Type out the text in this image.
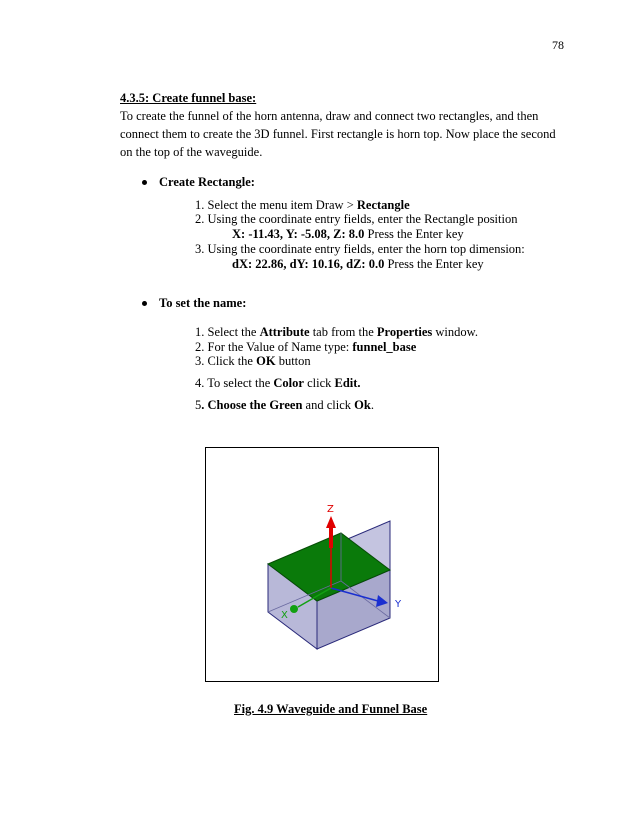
78
4.3.5: Create funnel base:
To create the funnel of the horn antenna, draw and connect two rectangles, and then
connect them to create the 3D funnel. First rectangle is horn top. Now place the second
on the top of the waveguide.
Create Rectangle:
1. Select the menu item Draw > Rectangle
2. Using the coordinate entry fields, enter the Rectangle position
X: -11.43, Y: -5.08, Z: 8.0 Press the Enter key
3. Using the coordinate entry fields, enter the horn top dimension:
dX: 22.86, dY: 10.16, dZ: 0.0 Press the Enter key
To set the name:
1. Select the Attribute tab from the Properties window.
2. For the Value of Name type: funnel_base
3. Click the OK button
4. To select the Color click Edit.
5. Choose the Green and click Ok.
Y
Z
X
Fig. 4.9 Waveguide and Funnel Base
